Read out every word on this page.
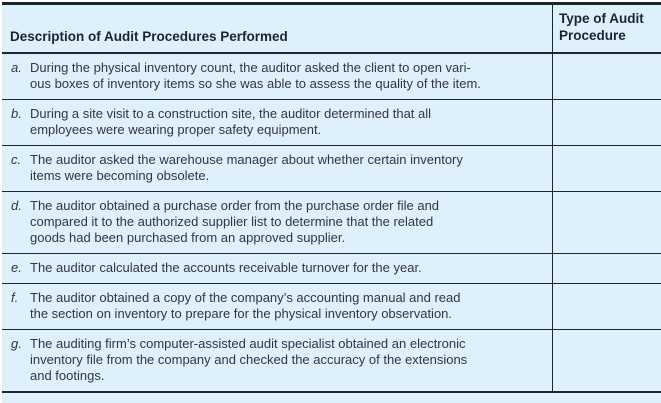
Description of Audit Procedures Performed
Type of Audit
Procedure
a. During the physical inventory count, the auditor asked the client to open vari-
ous boxes of inventory items so she was able to assess the quality of the item.
b. During a site visit to a construction site, the auditor determined that all
employees were wearing proper safety equipment.
c. The auditor asked the warehouse manager about whether certain inventory
items were becoming obsolete.
d. The auditor obtained a purchase order from the purchase order file and
compared it to the authorized supplier list to determine that the related
goods had been purchased from an approved supplier.
e. The auditor calculated the accounts receivable turnover for the year.
f. The auditor obtained a copy of the company’s accounting manual and read
the section on inventory to prepare for the physical inventory observation.
g. The auditing firm’s computer-assisted audit specialist obtained an electronic
inventory file from the company and checked the accuracy of the extensions
and footings.
